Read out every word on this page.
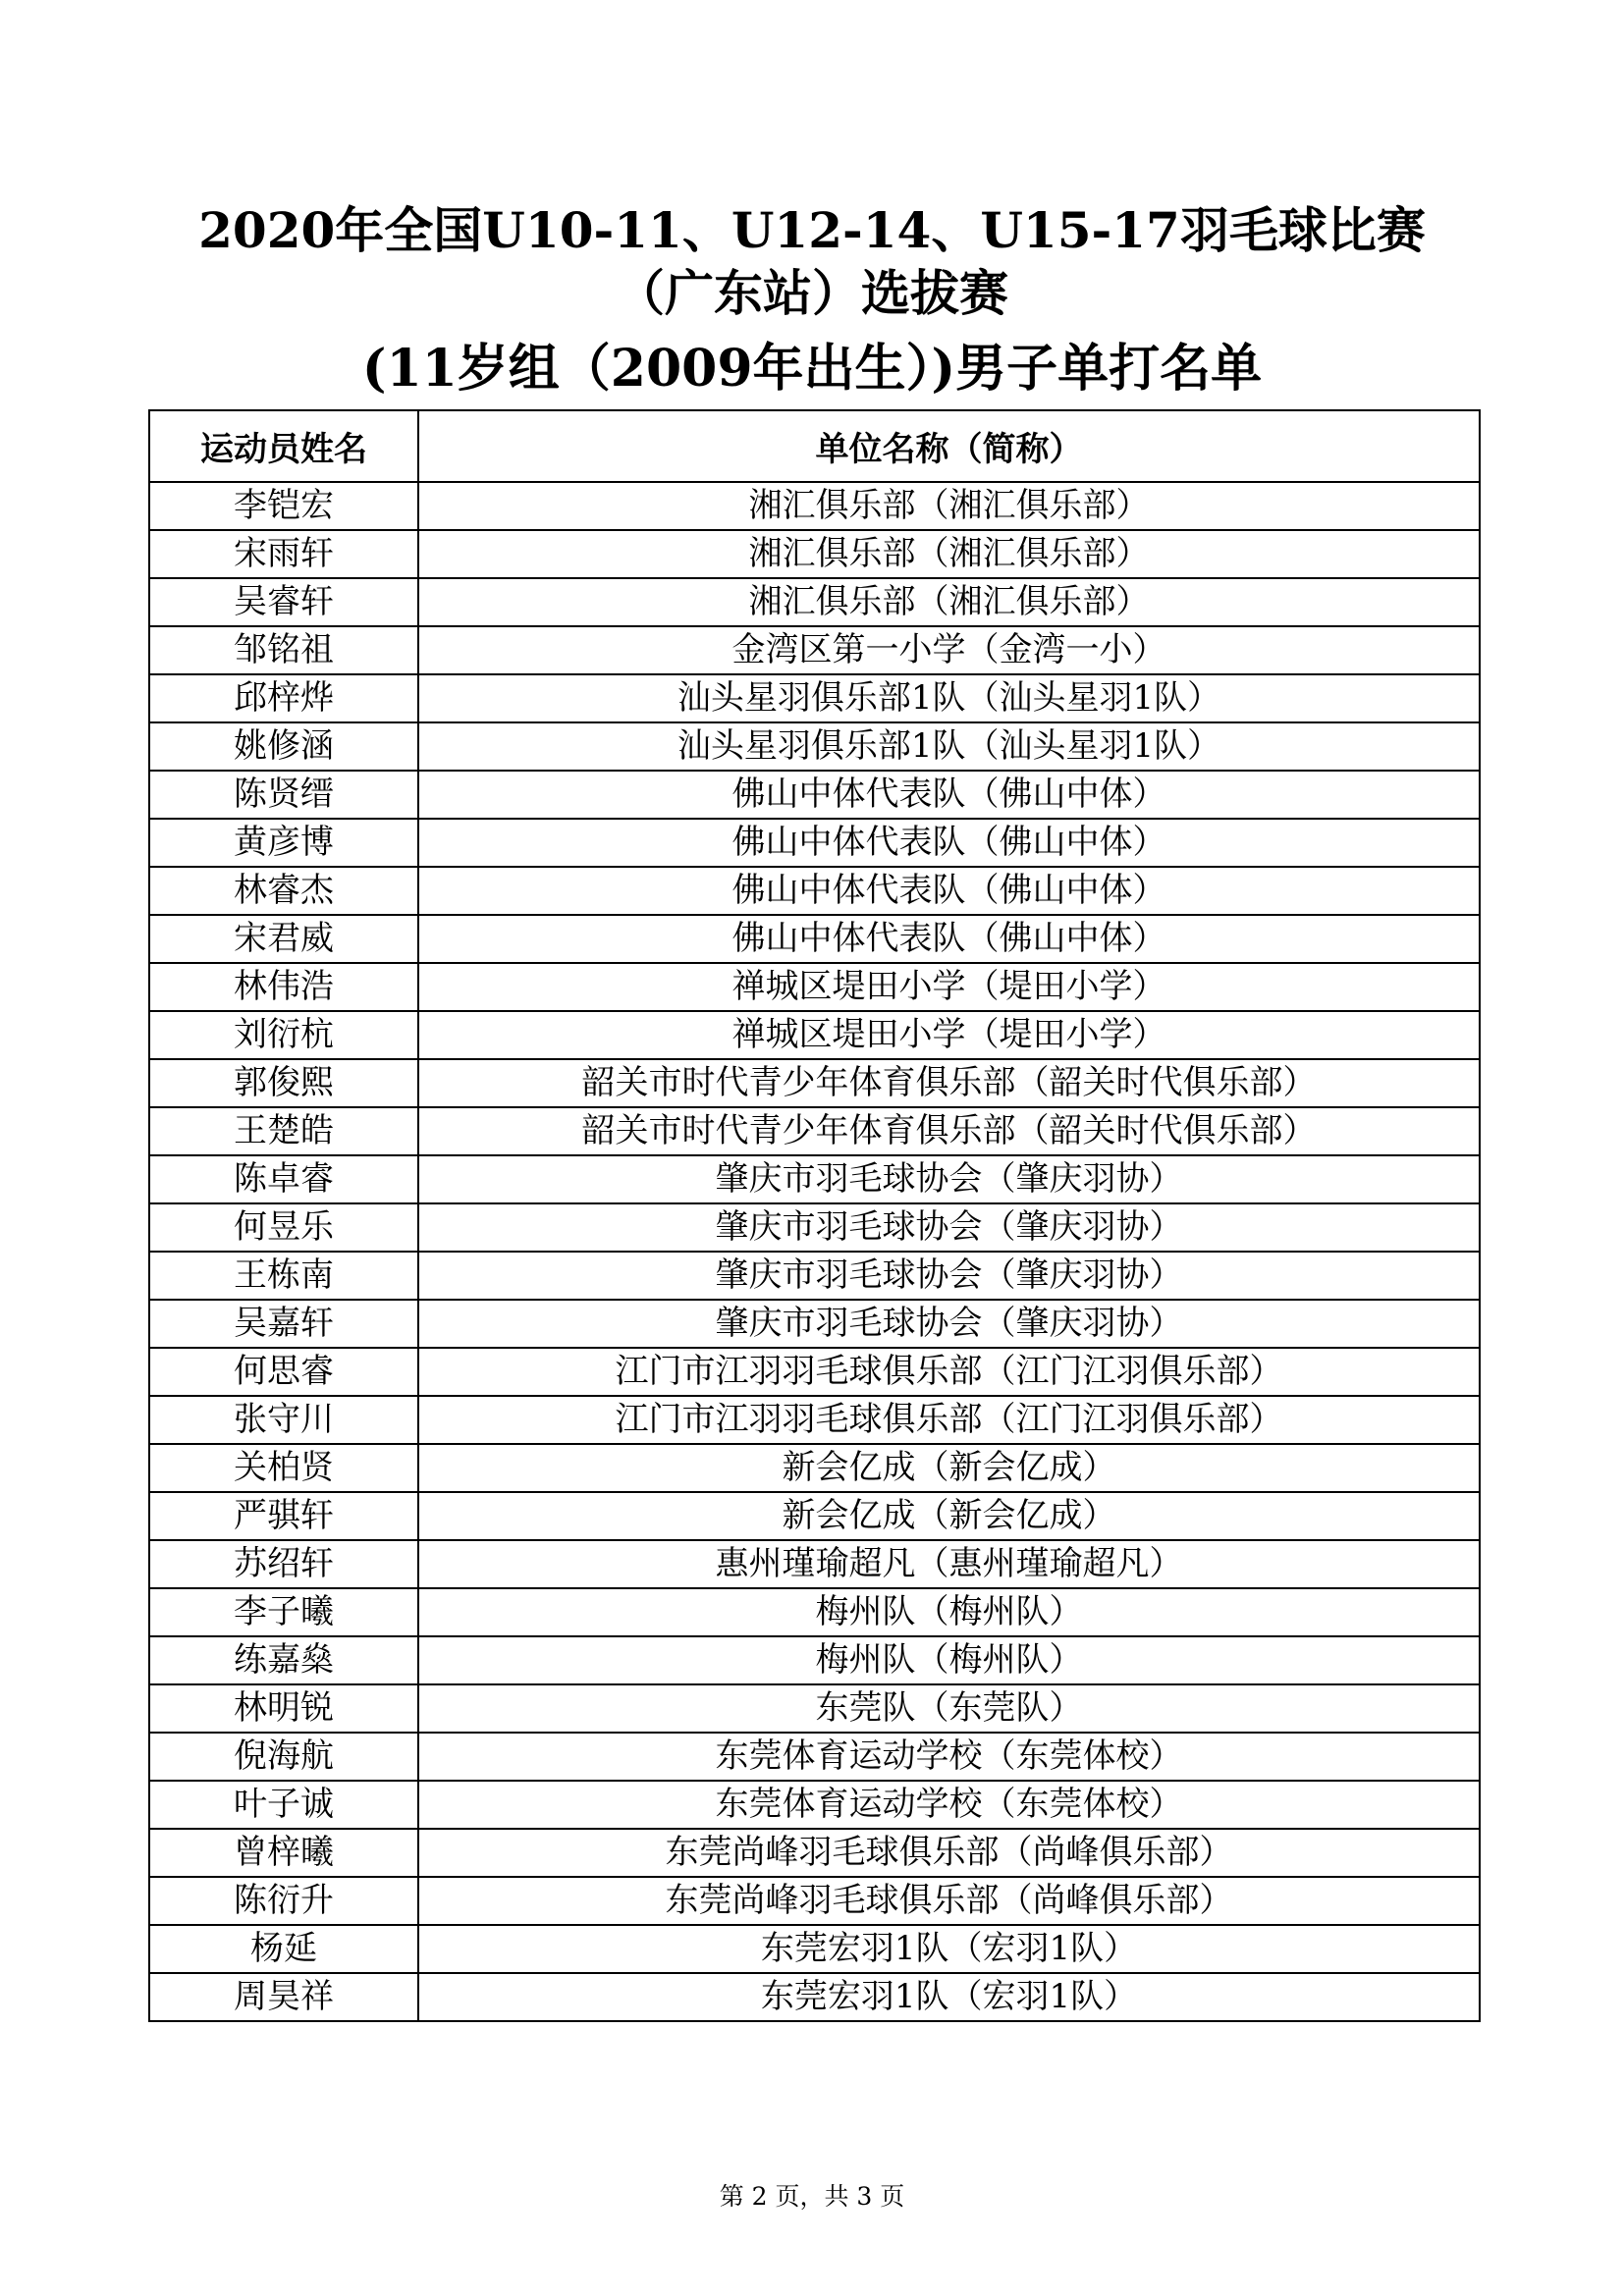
2020年全国U10-11、U12-14、U15-17羽毛球比赛
（广东站）选拔赛
(11岁组（2009年出生）)男子单打名单
运动员姓名	单位名称（简称）
李铠宏	湘汇俱乐部（湘汇俱乐部）
宋雨轩	湘汇俱乐部（湘汇俱乐部）
吴睿轩	湘汇俱乐部（湘汇俱乐部）
邹铭祖	金湾区第一小学（金湾一小）
邱梓烨	汕头星羽俱乐部1队（汕头星羽1队）
姚修涵	汕头星羽俱乐部1队（汕头星羽1队）
陈贤缙	佛山中体代表队（佛山中体）
黄彦博	佛山中体代表队（佛山中体）
林睿杰	佛山中体代表队（佛山中体）
宋君威	佛山中体代表队（佛山中体）
林伟浩	禅城区堤田小学（堤田小学）
刘衍杭	禅城区堤田小学（堤田小学）
郭俊熙	韶关市时代青少年体育俱乐部（韶关时代俱乐部）
王楚皓	韶关市时代青少年体育俱乐部（韶关时代俱乐部）
陈卓睿	肇庆市羽毛球协会（肇庆羽协）
何昱乐	肇庆市羽毛球协会（肇庆羽协）
王栋南	肇庆市羽毛球协会（肇庆羽协）
吴嘉轩	肇庆市羽毛球协会（肇庆羽协）
何思睿	江门市江羽羽毛球俱乐部（江门江羽俱乐部）
张守川	江门市江羽羽毛球俱乐部（江门江羽俱乐部）
关柏贤	新会亿成（新会亿成）
严骐轩	新会亿成（新会亿成）
苏绍轩	惠州瑾瑜超凡（惠州瑾瑜超凡）
李子曦	梅州队（梅州队）
练嘉燊	梅州队（梅州队）
林明锐	东莞队（东莞队）
倪海航	东莞体育运动学校（东莞体校）
叶子诚	东莞体育运动学校（东莞体校）
曾梓曦	东莞尚峰羽毛球俱乐部（尚峰俱乐部）
陈衍升	东莞尚峰羽毛球俱乐部（尚峰俱乐部）
杨延	东莞宏羽1队（宏羽1队）
周昊祥	东莞宏羽1队（宏羽1队）
第 2 页，共 3 页
